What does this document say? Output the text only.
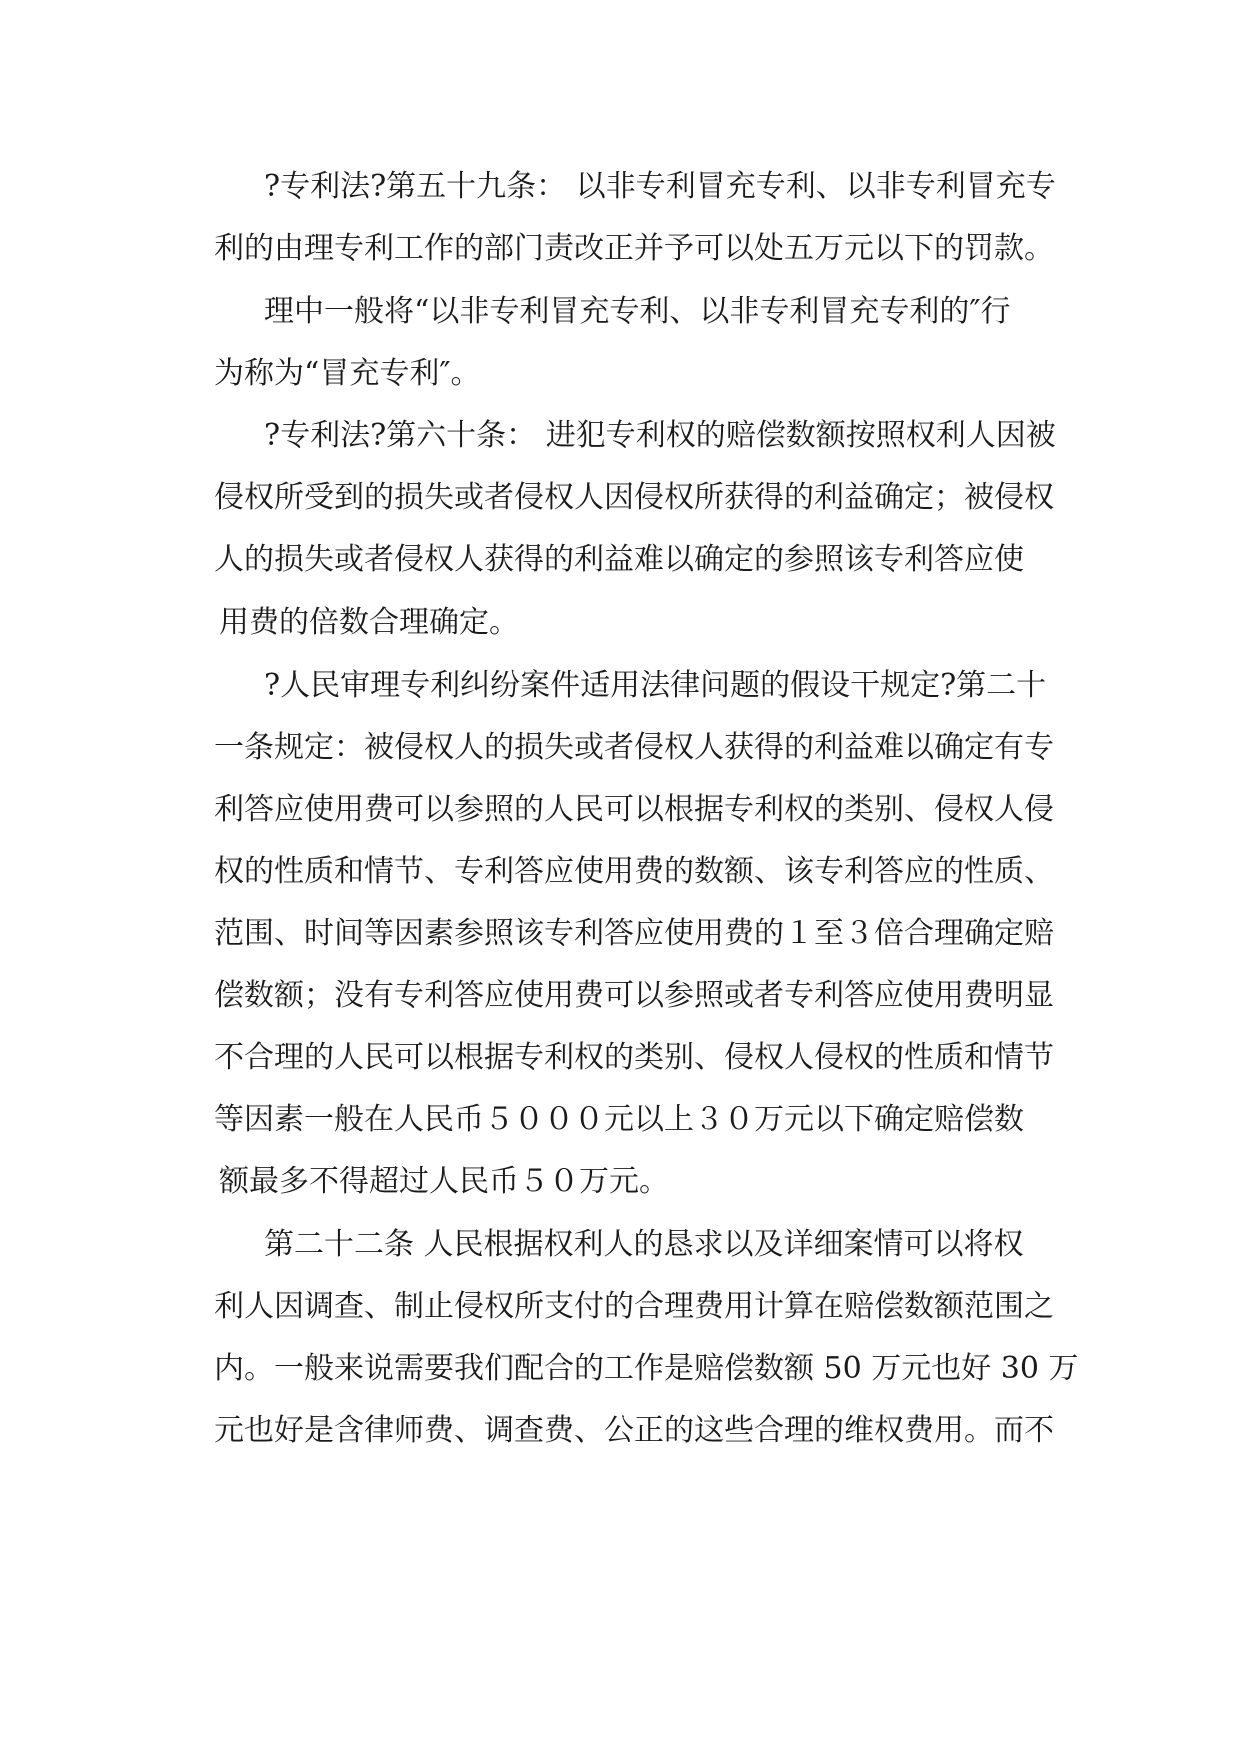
?专利法?第五十九条： 以非专利冒充专利、以非专利冒充专

利的由理专利工作的部门责改正并予可以处五万元以下的罚款。

理中一般将“以非专利冒充专利、以非专利冒充专利的″行

为称为“冒充专利″。

?专利法?第六十条： 进犯专利权的赔偿数额按照权利人因被

侵权所受到的损失或者侵权人因侵权所获得的利益确定；被侵权

人的损失或者侵权人获得的利益难以确定的参照该专利答应使

用费的倍数合理确定。

?人民审理专利纠纷案件适用法律问题的假设干规定?第二十

一条规定：被侵权人的损失或者侵权人获得的利益难以确定有专

利答应使用费可以参照的人民可以根据专利权的类别、侵权人侵

权的性质和情节、专利答应使用费的数额、该专利答应的性质、

范围、时间等因素参照该专利答应使用费的１至３倍合理确定赔

偿数额；没有专利答应使用费可以参照或者专利答应使用费明显

不合理的人民可以根据专利权的类别、侵权人侵权的性质和情节

等因素一般在人民币５０００元以上３０万元以下确定赔偿数

额最多不得超过人民币５０万元。

第二十二条 人民根据权利人的恳求以及详细案情可以将权

利人因调查、制止侵权所支付的合理费用计算在赔偿数额范围之

内。一般来说需要我们配合的工作是赔偿数额 50 万元也好 30 万

元也好是含律师费、调查费、公正的这些合理的维权费用。而不
